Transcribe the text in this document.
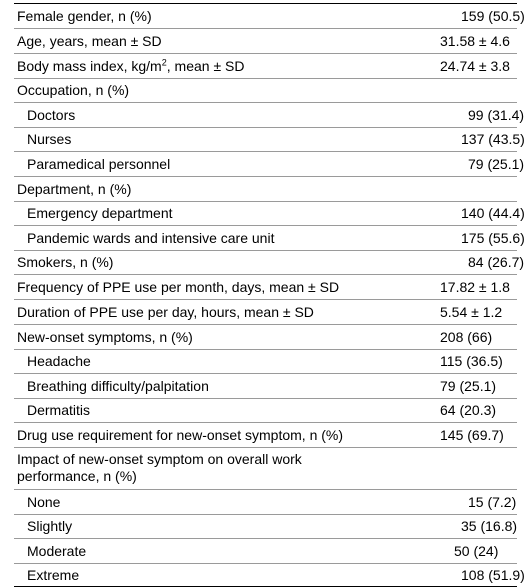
Female gender, n (%)	159 (50.5)
Age, years, mean ± SD	31.58 ± 4.6
Body mass index, $kg/m^2$, mean ± SD	24.74 ± 3.8
Occupation, n (%)
Doctors	99 (31.4)
Nurses	137 (43.5)
Paramedical personnel	79 (25.1)
Department, n (%)
Emergency department	140 (44.4)
Pandemic wards and intensive care unit	175 (55.6)
Smokers, n (%)	84 (26.7)
Frequency of PPE use per month, days, mean ± SD	17.82 ± 1.8
Duration of PPE use per day, hours, mean ± SD	5.54 ± 1.2
New-onset symptoms, n (%)	208 (66)
Headache	115 (36.5)
Breathing difficulty/palpitation	79 (25.1)
Dermatitis	64 (20.3)
Drug use requirement for new-onset symptom, n (%)	145 (69.7)
Impact of new-onset symptom on overall work
performance, n (%)
None	15 (7.2)
Slightly	35 (16.8)
Moderate	50 (24)
Extreme	108 (51.9)
